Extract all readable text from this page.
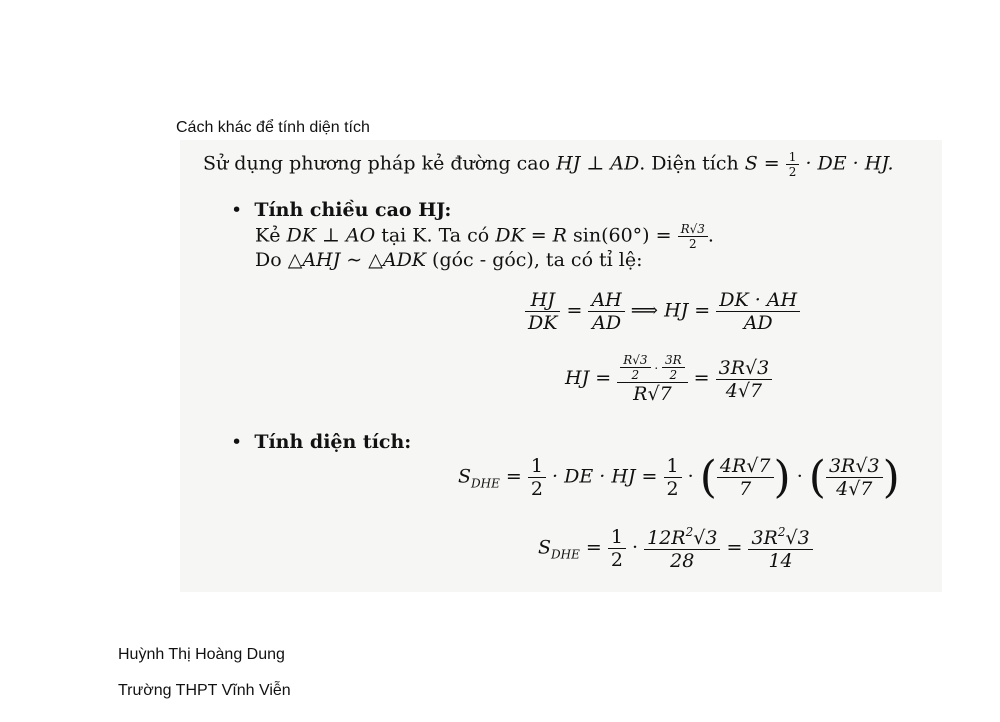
Cách khác để tính diện tích
Sử dụng phương pháp kẻ đường cao HJ ⊥ AD. Diện tích $S = \frac{1}{2}$ · DE · HJ.
• Tính chiều cao HJ:
Kẻ DK ⊥ AO tại K. Ta có DK = R $\sin(60^\circ) = \frac{R√3}{2}$ .
Do △AHJ ∼ △ADK (góc - góc), ta có tỉ lệ:
$\frac{HJ}{DK} = \frac{AH}{AD}$ ⟹ HJ = $\frac{DK \cdot AH}{AD}$
HJ = $\frac{\frac{R√3}{2} \cdot \frac{3R}{2}}{R√7} = \frac{3R√3}{4√7}$
• Tính diện tích:
$S_{DHE} = \frac{1}{2}$ · DE · HJ = $\frac{1}{2}$ · ( $\frac{4R√7}{7}$ ) · ( $\frac{3R√3}{4√7}$ )
$S_{DHE} = \frac{1}{2} \cdot \frac{12R^2√3}{28} = \frac{3R^2√3}{14}$
Huỳnh Thị Hoàng Dung
Trường THPT Vĩnh Viễn
